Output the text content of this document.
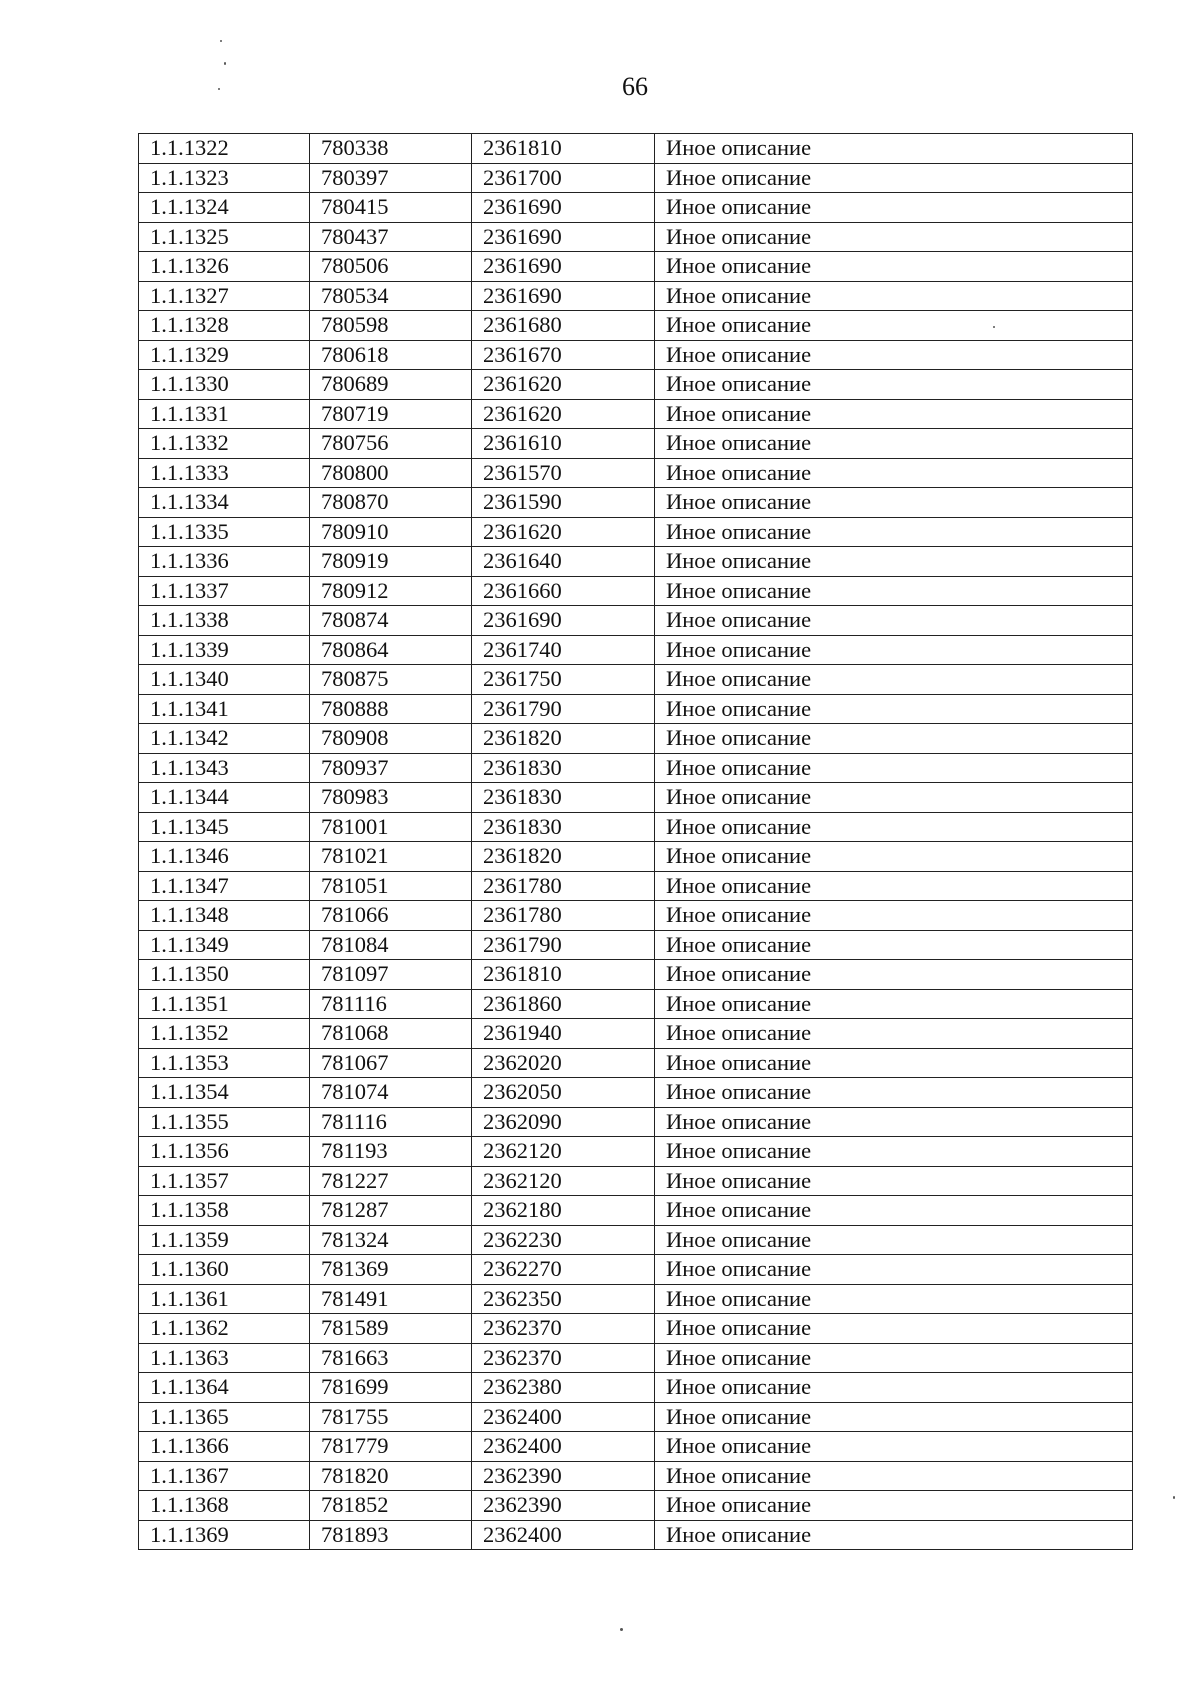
66
1.1.1322	780338	2361810	Иное описание
1.1.1323	780397	2361700	Иное описание
1.1.1324	780415	2361690	Иное описание
1.1.1325	780437	2361690	Иное описание
1.1.1326	780506	2361690	Иное описание
1.1.1327	780534	2361690	Иное описание
1.1.1328	780598	2361680	Иное описание
1.1.1329	780618	2361670	Иное описание
1.1.1330	780689	2361620	Иное описание
1.1.1331	780719	2361620	Иное описание
1.1.1332	780756	2361610	Иное описание
1.1.1333	780800	2361570	Иное описание
1.1.1334	780870	2361590	Иное описание
1.1.1335	780910	2361620	Иное описание
1.1.1336	780919	2361640	Иное описание
1.1.1337	780912	2361660	Иное описание
1.1.1338	780874	2361690	Иное описание
1.1.1339	780864	2361740	Иное описание
1.1.1340	780875	2361750	Иное описание
1.1.1341	780888	2361790	Иное описание
1.1.1342	780908	2361820	Иное описание
1.1.1343	780937	2361830	Иное описание
1.1.1344	780983	2361830	Иное описание
1.1.1345	781001	2361830	Иное описание
1.1.1346	781021	2361820	Иное описание
1.1.1347	781051	2361780	Иное описание
1.1.1348	781066	2361780	Иное описание
1.1.1349	781084	2361790	Иное описание
1.1.1350	781097	2361810	Иное описание
1.1.1351	781116	2361860	Иное описание
1.1.1352	781068	2361940	Иное описание
1.1.1353	781067	2362020	Иное описание
1.1.1354	781074	2362050	Иное описание
1.1.1355	781116	2362090	Иное описание
1.1.1356	781193	2362120	Иное описание
1.1.1357	781227	2362120	Иное описание
1.1.1358	781287	2362180	Иное описание
1.1.1359	781324	2362230	Иное описание
1.1.1360	781369	2362270	Иное описание
1.1.1361	781491	2362350	Иное описание
1.1.1362	781589	2362370	Иное описание
1.1.1363	781663	2362370	Иное описание
1.1.1364	781699	2362380	Иное описание
1.1.1365	781755	2362400	Иное описание
1.1.1366	781779	2362400	Иное описание
1.1.1367	781820	2362390	Иное описание
1.1.1368	781852	2362390	Иное описание
1.1.1369	781893	2362400	Иное описание
